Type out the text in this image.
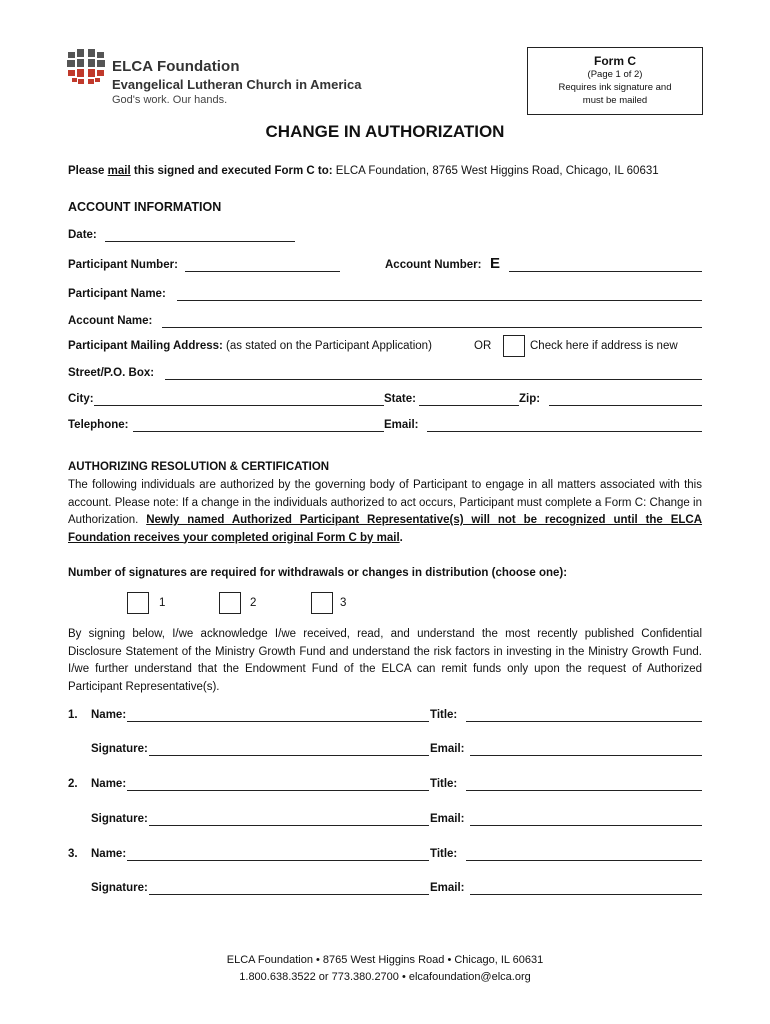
ELCA Foundation
Evangelical Lutheran Church in America
God's work. Our hands.
Form C
(Page 1 of 2)
Requires ink signature and
must be mailed
CHANGE IN AUTHORIZATION
Please mail this signed and executed Form C to: ELCA Foundation, 8765 West Higgins Road, Chicago, IL 60631
ACCOUNT INFORMATION
Date:
Participant Number:	Account Number: E
Participant Name:
Account Name:
Participant Mailing Address: (as stated on the Participant Application)	OR	Check here if address is new
Street/P.O. Box:
City:	State:	Zip:
Telephone:	Email:
AUTHORIZING RESOLUTION & CERTIFICATION
The following individuals are authorized by the governing body of Participant to engage in all matters associated with this account. Please note: If a change in the individuals authorized to act occurs, Participant must complete a Form C: Change in Authorization. Newly named Authorized Participant Representative(s) will not be recognized until the ELCA Foundation receives your completed original Form C by mail.
Number of signatures are required for withdrawals or changes in distribution (choose one):
1	2	3
By signing below, I/we acknowledge I/we received, read, and understand the most recently published Confidential Disclosure Statement of the Ministry Growth Fund and understand the risk factors in investing in the Ministry Growth Fund. I/we further understand that the Endowment Fund of the ELCA can remit funds only upon the request of Authorized Participant Representative(s).
1. Name:	Title:
Signature:	Email:
2. Name:	Title:
Signature:	Email:
3. Name:	Title:
Signature:	Email:
ELCA Foundation • 8765 West Higgins Road • Chicago, IL 60631
1.800.638.3522 or 773.380.2700 • elcafoundation@elca.org
